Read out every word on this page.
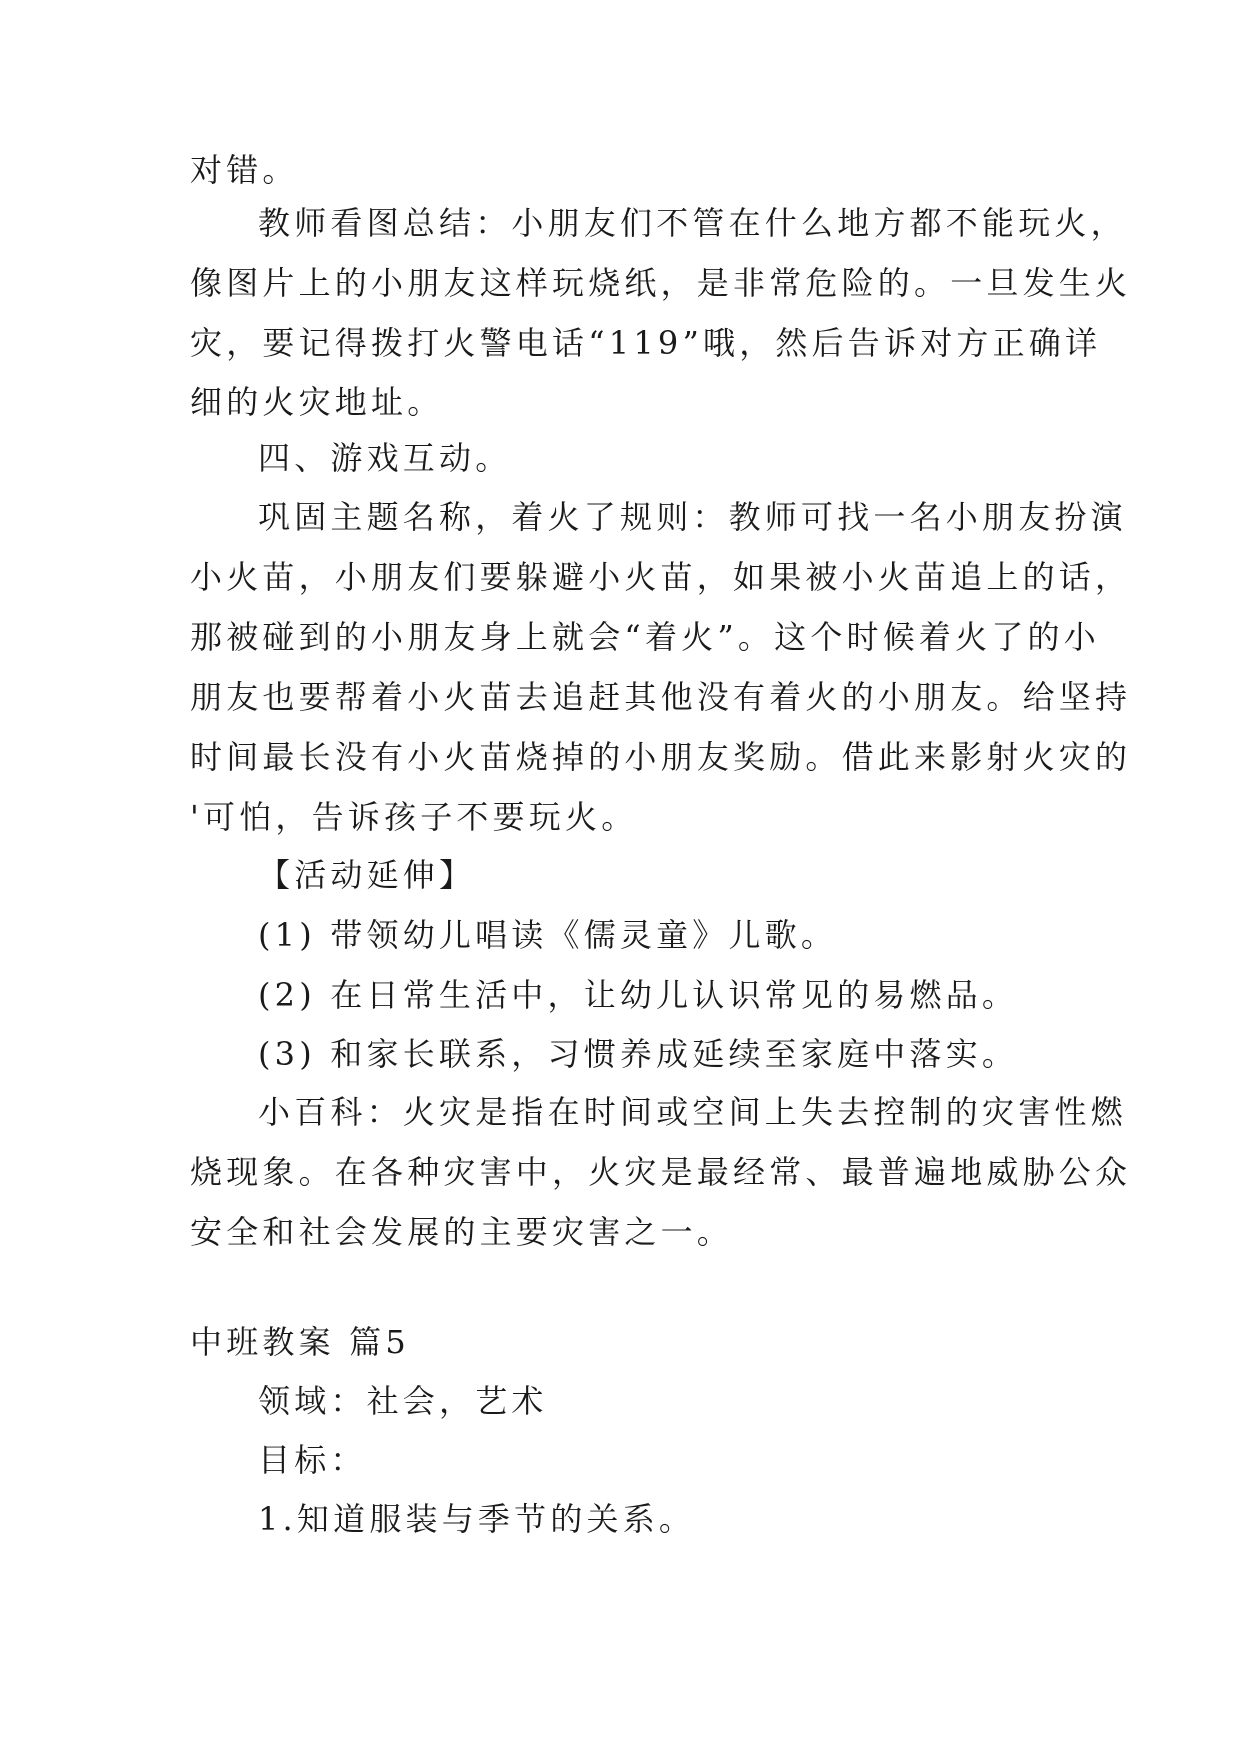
对错。
教师看图总结：小朋友们不管在什么地方都不能玩火，
像图片上的小朋友这样玩烧纸，是非常危险的。一旦发生火
灾，要记得拨打火警电话“119”哦，然后告诉对方正确详
细的火灾地址。
四、游戏互动。
巩固主题名称，着火了规则：教师可找一名小朋友扮演
小火苗，小朋友们要躲避小火苗，如果被小火苗追上的话，
那被碰到的小朋友身上就会“着火”。这个时候着火了的小
朋友也要帮着小火苗去追赶其他没有着火的小朋友。给坚持
时间最长没有小火苗烧掉的小朋友奖励。借此来影射火灾的
'可怕，告诉孩子不要玩火。
【活动延伸】
(1) 带领幼儿唱读《儒灵童》儿歌。
(2) 在日常生活中，让幼儿认识常见的易燃品。
(3) 和家长联系，习惯养成延续至家庭中落实。
小百科：火灾是指在时间或空间上失去控制的灾害性燃
烧现象。在各种灾害中，火灾是最经常、最普遍地威胁公众
安全和社会发展的主要灾害之一。
中班教案 篇5
领域：社会，艺术
目标：
1.知道服装与季节的关系。
